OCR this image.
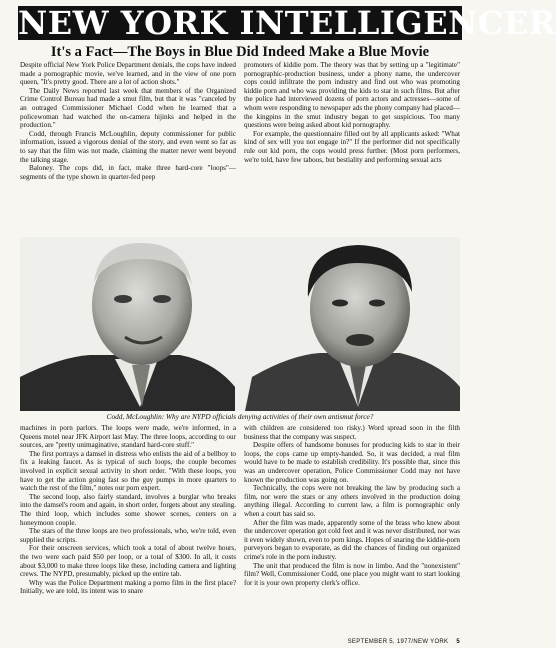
NEW YORK INTELLIGENCER
It's a Fact—The Boys in Blue Did Indeed Make a Blue Movie

Despite official New York Police Department denials, the cops have indeed made a pornographic movie, we've learned, and in the view of one porn queen, "It's pretty good. There are a lot of action shots."

The Daily News reported last week that members of the Organized Crime Control Bureau had made a smut film, but that it was "canceled by an outraged Commissioner Michael Codd when he learned that a policewoman had watched the on-camera hijinks and helped in the production."

Codd, through Francis McLoughlin, deputy commissioner for public information, issued a vigorous denial of the story, and even went so far as to say that the film was not made, claiming the matter never went beyond the talking stage.

Baloney. The cops did, in fact, make three hard-core "loops"— segments of the type shown in quarter-fed peep

promoters of kiddie porn. The theory was that by setting up a "legitimate" pornographic-production business, under a phony name, the undercover cops could infiltrate the porn industry and find out who was promoting kiddie porn and who was providing the kids to star in such films. But after the police had interviewed dozens of porn actors and actresses—some of whom were responding to newspaper ads the phony company had placed—the kingpins in the smut industry began to get suspicious. Too many questions were being asked about kid pornography.

For example, the questionnaire filled out by all applicants asked: "What kind of sex will you not engage in?" If the performer did not specifically rule out kid porn, the cops would press further. (Most porn performers, we're told, have few taboos, but bestiality and performing sexual acts

Codd, McLoughlin: Why are NYPD officials denying activities of their own antismut force?

machines in porn parlors. The loops were made, we're informed, in a Queens motel near JFK Airport last May. The three loops, according to our sources, are "pretty unimaginative, standard hard-core stuff."

The first portrays a damsel in distress who enlists the aid of a bellboy to fix a leaking faucet. As is typical of such loops, the couple becomes involved in explicit sexual activity in short order. "With these loops, you have to get the action going fast so the guy pumps in more quarters to watch the rest of the film," notes our porn expert.

The second loop, also fairly standard, involves a burglar who breaks into the damsel's room and again, in short order, forgets about any stealing. The third loop, which includes some shower scenes, centers on a honeymoon couple.

The stars of the three loops are two professionals, who, we're told, even supplied the scripts.

For their onscreen services, which took a total of about twelve hours, the two were each paid $50 per loop, or a total of $300. In all, it costs about $3,000 to make three loops like these, including camera and lighting crews. The NYPD, presumably, picked up the entire tab.

Why was the Police Department making a porno film in the first place? Initially, we are told, its intent was to snare

with children are considered too risky.) Word spread soon in the filth business that the company was suspect.

Despite offers of handsome bonuses for producing kids to star in their loops, the cops came up empty-handed. So, it was decided, a real film would have to be made to establish credibility. It's possible that, since this was an undercover operation, Police Commissioner Codd may not have known the production was going on.

Technically, the cops were not breaking the law by producing such a film, nor were the stars or any others involved in the production doing anything illegal. According to current law, a film is pornographic only when a court has said so.

After the film was made, apparently some of the brass who knew about the undercover operation got cold feet and it was never distributed, nor was it even widely shown, even to porn kings. Hopes of snaring the kiddie-porn purveyors began to evaporate, as did the chances of finding out organized crime's role in the porn industry.

The unit that produced the film is now in limbo. And the "nonexistent" film? Well, Commissioner Codd, one place you might want to start looking for it is your own property clerk's office.

SEPTEMBER 5, 1977/NEW YORK 5
